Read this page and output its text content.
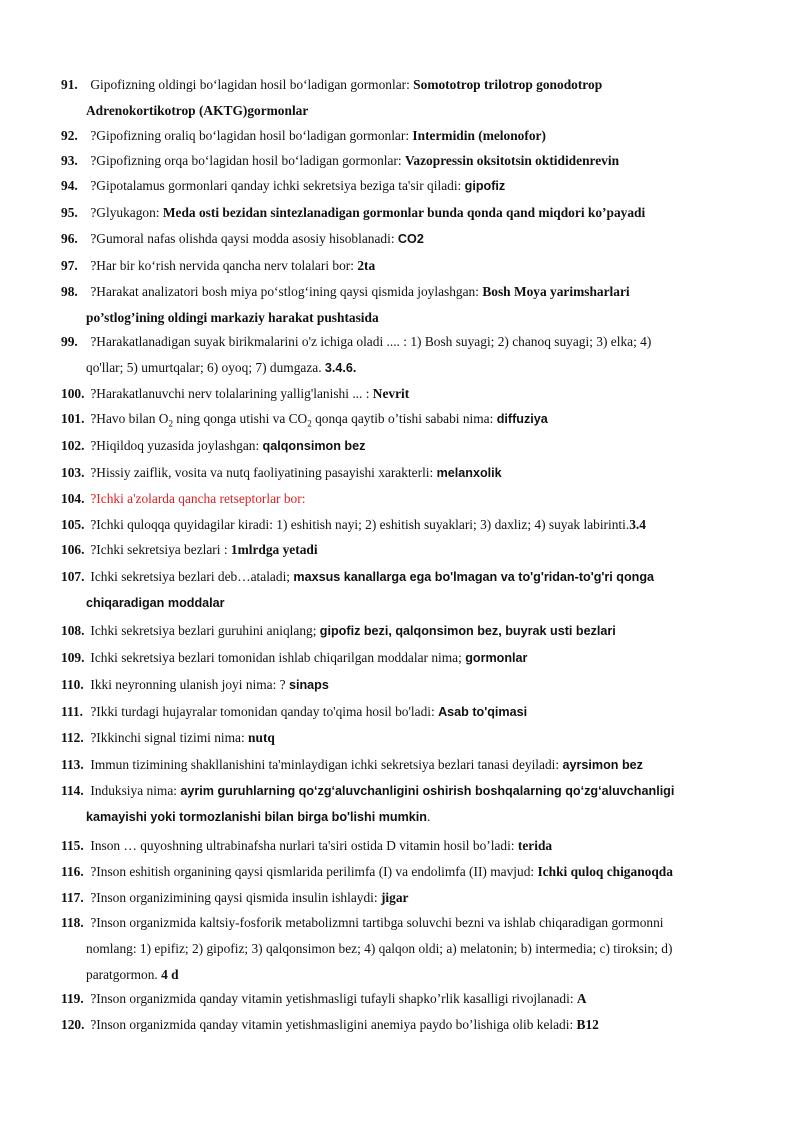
91. Gipofizning oldingi bo‘lagidan hosil bo‘ladigan gormonlar: Somototrop trilotrop gonodotrop
Adrenokortikotrop (AKTG)gormonlar
92. ?Gipofizning oraliq bo‘lagidan hosil bo‘ladigan gormonlar: Intermidin (melonofor)
93. ?Gipofizning orqa bo‘lagidan hosil bo‘ladigan gormonlar: Vazopressin oksitotsin oktididenrevin
94. ?Gipotalamus gormonlari qanday ichki sekretsiya beziga ta'sir qiladi: gipofiz
95. ?Glyukagon: Meda osti bezidan sintezlanadigan gormonlar bunda qonda qand miqdori ko’payadi
96. ?Gumoral nafas olishda qaysi modda asosiy hisoblanadi: CO2
97. ?Har bir ko‘rish nervida qancha nerv tolalari bor: 2ta
98. ?Harakat analizatori bosh miya po‘stlog‘ining qaysi qismida joylashgan: Bosh Moya yarimsharlari
po’stlog’ining oldingi markaziy harakat pushtasida
99. ?Harakatlanadigan suyak birikmalarini o'z ichiga oladi .... : 1) Bosh suyagi; 2) chanoq suyagi; 3) elka; 4)
qo'llar; 5) umurtqalar; 6) oyoq; 7) dumgaza. 3.4.6.
100. ?Harakatlanuvchi nerv tolalarining yallig'lanishi ... : Nevrit
101. ?Havo bilan $O_2$ ning qonga utishi va $CO_2$ qonqa qaytib o’tishi sababi nima: diffuziya
102. ?Hiqildoq yuzasida joylashgan: qalqonsimon bez
103. ?Hissiy zaiflik, vosita va nutq faoliyatining pasayishi xarakterli: melanxolik
104. ?Ichki a'zolarda qancha retseptorlar bor:
105. ?Ichki quloqqa quyidagilar kiradi: 1) eshitish nayi; 2) eshitish suyaklari; 3) daxliz; 4) suyak labirinti.3.4
106. ?Ichki sekretsiya bezlari : 1mlrdga yetadi
107. Ichki sekretsiya bezlari deb…ataladi; maxsus kanallarga ega bo'lmagan va to'g'ridan-to'g'ri qonga
chiqaradigan moddalar
108. Ichki sekretsiya bezlari guruhini aniqlang; gipofiz bezi, qalqonsimon bez, buyrak usti bezlari
109. Ichki sekretsiya bezlari tomonidan ishlab chiqarilgan moddalar nima; gormonlar
110. Ikki neyronning ulanish joyi nima: ? sinaps
111. ?Ikki turdagi hujayralar tomonidan qanday to'qima hosil bo'ladi: Asab to'qimasi
112. ?Ikkinchi signal tizimi nima: nutq
113. Immun tizimining shakllanishini ta'minlaydigan ichki sekretsiya bezlari tanasi deyiladi: ayrsimon bez
114. Induksiya nima: ayrim guruhlarning qo‘zg‘aluvchanligini oshirish boshqalarning qo‘zg‘aluvchanligi
kamayishi yoki tormozlanishi bilan birga bo'lishi mumkin.
115. Inson … quyoshning ultrabinafsha nurlari ta'siri ostida D vitamin hosil bo’ladi: terida
116. ?Inson eshitish organining qaysi qismlarida perilimfa (I) va endolimfa (II) mavjud: Ichki quloq chiganoqda
117. ?Inson organizimining qaysi qismida insulin ishlaydi: jigar
118. ?Inson organizmida kaltsiy-fosforik metabolizmni tartibga soluvchi bezni va ishlab chiqaradigan gormonni
nomlang: 1) epifiz; 2) gipofiz; 3) qalqonsimon bez; 4) qalqon oldi; a) melatonin; b) intermedia; c) tiroksin; d)
paratgormon. 4 d
119. ?Inson organizmida qanday vitamin yetishmasligi tufayli shapko’rlik kasalligi rivojlanadi: A
120. ?Inson organizmida qanday vitamin yetishmasligini anemiya paydo bo’lishiga olib keladi: B12
